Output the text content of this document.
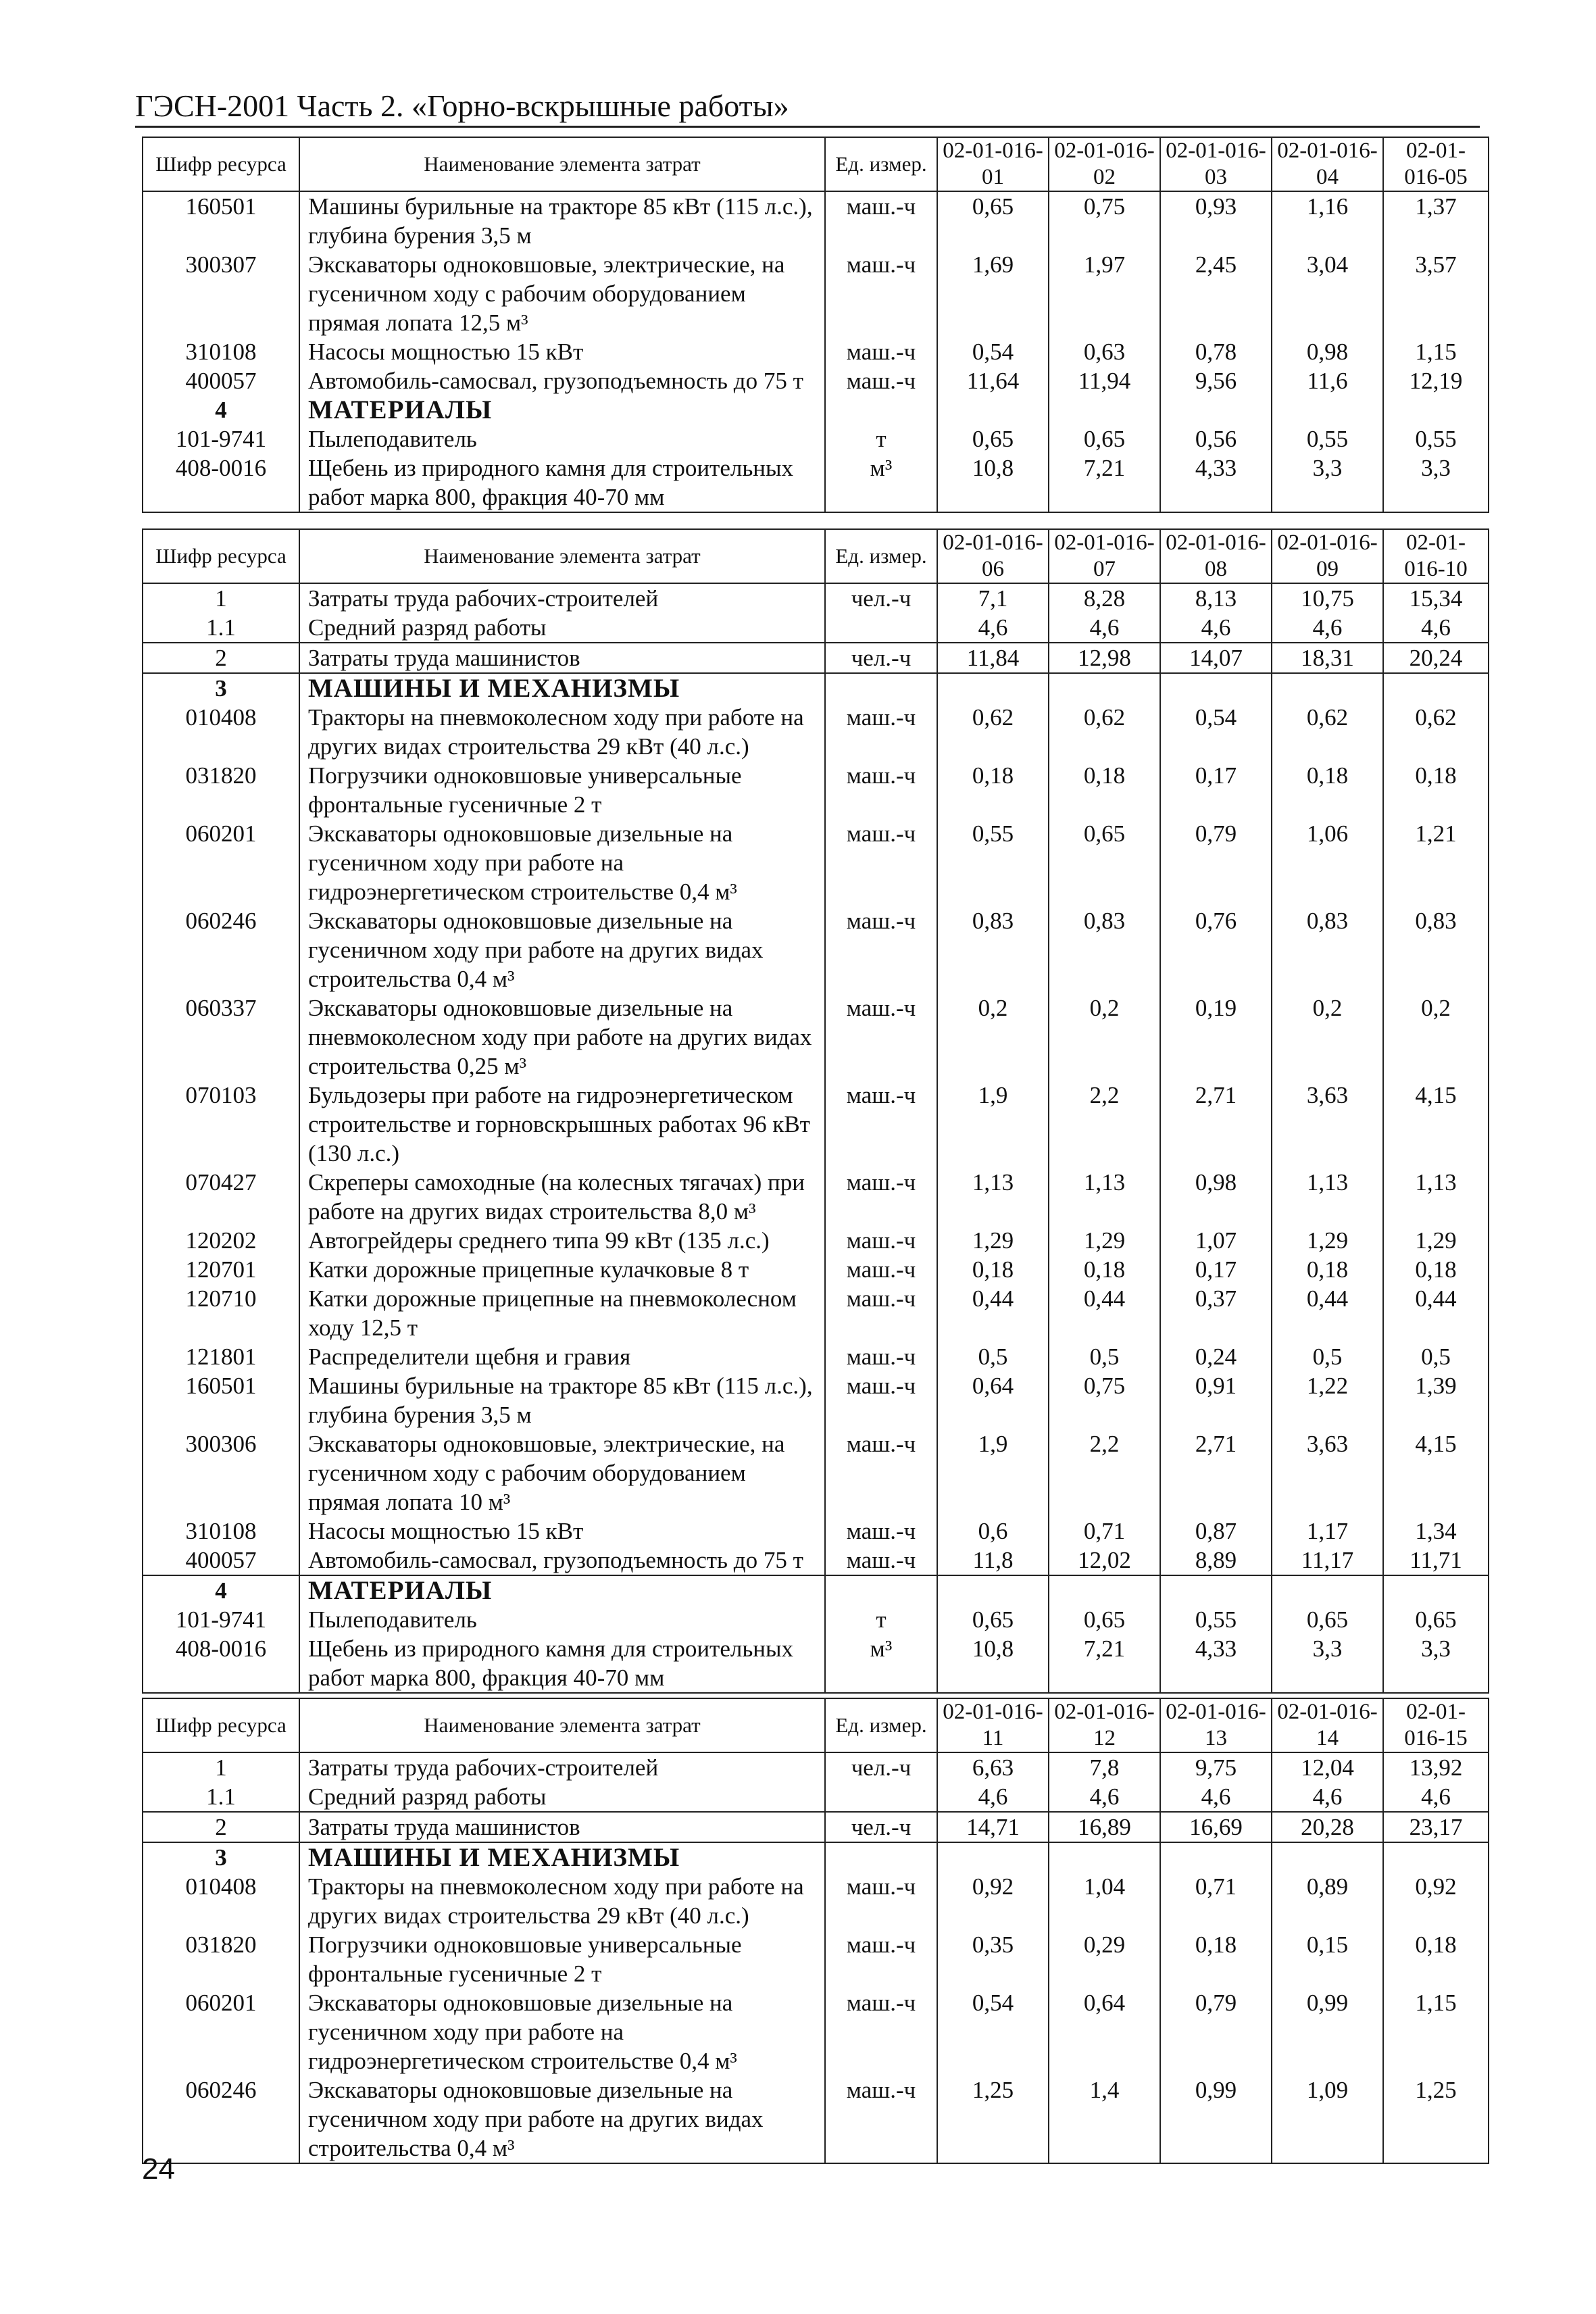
ГЭСН-2001 Часть 2. «Горно-вскрышные работы»
Шифр ресурса	Наименование элемента затрат	Ед. измер.	02-01-016-01	02-01-016-02	02-01-016-03	02-01-016-04	02-01-016-05
160501	Машины бурильные на тракторе 85 кВт (115 л.с.), глубина бурения 3,5 м	маш.-ч	0,65	0,75	0,93	1,16	1,37
300307	Экскаваторы одноковшовые, электрические, на гусеничном ходу с рабочим оборудованием прямая лопата 12,5 м³	маш.-ч	1,69	1,97	2,45	3,04	3,57
310108	Насосы мощностью 15 кВт	маш.-ч	0,54	0,63	0,78	0,98	1,15
400057	Автомобиль-самосвал, грузоподъемность до 75 т	маш.-ч	11,64	11,94	9,56	11,6	12,19
4	МАТЕРИАЛЫ						
101-9741	Пылеподавитель	т	0,65	0,65	0,56	0,55	0,55
408-0016	Щебень из природного камня для строительных работ марка 800, фракция 40-70 мм	м³	10,8	7,21	4,33	3,3	3,3
Шифр ресурса	Наименование элемента затрат	Ед. измер.	02-01-016-06	02-01-016-07	02-01-016-08	02-01-016-09	02-01-016-10
1	Затраты труда рабочих-строителей	чел.-ч	7,1	8,28	8,13	10,75	15,34
1.1	Средний разряд работы		4,6	4,6	4,6	4,6	4,6
2	Затраты труда машинистов	чел.-ч	11,84	12,98	14,07	18,31	20,24
3	МАШИНЫ И МЕХАНИЗМЫ						
010408	Тракторы на пневмоколесном ходу при работе на других видах строительства 29 кВт (40 л.с.)	маш.-ч	0,62	0,62	0,54	0,62	0,62
031820	Погрузчики одноковшовые универсальные фронтальные гусеничные 2 т	маш.-ч	0,18	0,18	0,17	0,18	0,18
060201	Экскаваторы одноковшовые дизельные на гусеничном ходу при работе на гидроэнергетическом строительстве 0,4 м³	маш.-ч	0,55	0,65	0,79	1,06	1,21
060246	Экскаваторы одноковшовые дизельные на гусеничном ходу при работе на других видах строительства 0,4 м³	маш.-ч	0,83	0,83	0,76	0,83	0,83
060337	Экскаваторы одноковшовые дизельные на пневмоколесном ходу при работе на других видах строительства 0,25 м³	маш.-ч	0,2	0,2	0,19	0,2	0,2
070103	Бульдозеры при работе на гидроэнергетическом строительстве и горновскрышных работах 96 кВт (130 л.с.)	маш.-ч	1,9	2,2	2,71	3,63	4,15
070427	Скреперы самоходные (на колесных тягачах) при работе на других видах строительства 8,0 м³	маш.-ч	1,13	1,13	0,98	1,13	1,13
120202	Автогрейдеры среднего типа 99 кВт (135 л.с.)	маш.-ч	1,29	1,29	1,07	1,29	1,29
120701	Катки дорожные прицепные кулачковые 8 т	маш.-ч	0,18	0,18	0,17	0,18	0,18
120710	Катки дорожные прицепные на пневмоколесном ходу 12,5 т	маш.-ч	0,44	0,44	0,37	0,44	0,44
121801	Распределители щебня и гравия	маш.-ч	0,5	0,5	0,24	0,5	0,5
160501	Машины бурильные на тракторе 85 кВт (115 л.с.), глубина бурения 3,5 м	маш.-ч	0,64	0,75	0,91	1,22	1,39
300306	Экскаваторы одноковшовые, электрические, на гусеничном ходу с рабочим оборудованием прямая лопата 10 м³	маш.-ч	1,9	2,2	2,71	3,63	4,15
310108	Насосы мощностью 15 кВт	маш.-ч	0,6	0,71	0,87	1,17	1,34
400057	Автомобиль-самосвал, грузоподъемность до 75 т	маш.-ч	11,8	12,02	8,89	11,17	11,71
4	МАТЕРИАЛЫ						
101-9741	Пылеподавитель	т	0,65	0,65	0,55	0,65	0,65
408-0016	Щебень из природного камня для строительных работ марка 800, фракция 40-70 мм	м³	10,8	7,21	4,33	3,3	3,3
Шифр ресурса	Наименование элемента затрат	Ед. измер.	02-01-016-11	02-01-016-12	02-01-016-13	02-01-016-14	02-01-016-15
1	Затраты труда рабочих-строителей	чел.-ч	6,63	7,8	9,75	12,04	13,92
1.1	Средний разряд работы		4,6	4,6	4,6	4,6	4,6
2	Затраты труда машинистов	чел.-ч	14,71	16,89	16,69	20,28	23,17
3	МАШИНЫ И МЕХАНИЗМЫ						
010408	Тракторы на пневмоколесном ходу при работе на других видах строительства 29 кВт (40 л.с.)	маш.-ч	0,92	1,04	0,71	0,89	0,92
031820	Погрузчики одноковшовые универсальные фронтальные гусеничные 2 т	маш.-ч	0,35	0,29	0,18	0,15	0,18
060201	Экскаваторы одноковшовые дизельные на гусеничном ходу при работе на гидроэнергетическом строительстве 0,4 м³	маш.-ч	0,54	0,64	0,79	0,99	1,15
060246	Экскаваторы одноковшовые дизельные на гусеничном ходу при работе на других видах строительства 0,4 м³	маш.-ч	1,25	1,4	0,99	1,09	1,25
24
